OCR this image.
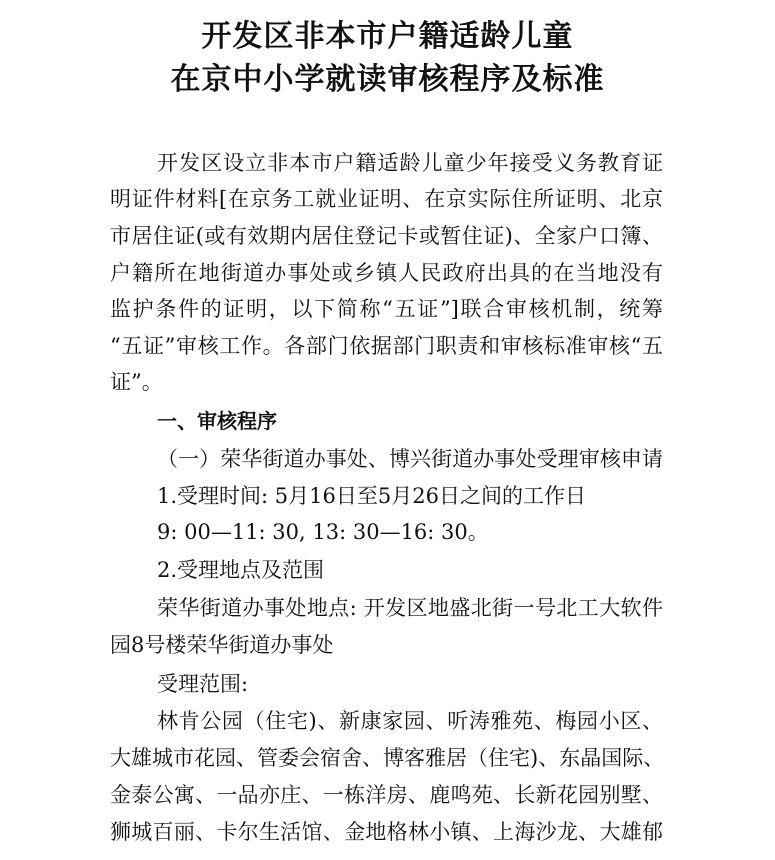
开发区非本市户籍适龄儿童
在京中小学就读审核程序及标准

开发区设立非本市户籍适龄儿童少年接受义务教育证

明证件材料[在京务工就业证明、在京实际住所证明、北京

市居住证(或有效期内居住登记卡或暂住证)、全家户口簿、

户籍所在地街道办事处或乡镇人民政府出具的在当地没有

监护条件的证明，以下简称“五证”]联合审核机制，统筹

“五证”审核工作。各部门依据部门职责和审核标准审核“五

证”。

一、审核程序

（一）荣华街道办事处、博兴街道办事处受理审核申请

1.受理时间: 5月16日至5月26日之间的工作日

9: 00—11: 30, 13: 30—16: 30。

2.受理地点及范围

荣华街道办事处地点: 开发区地盛北街一号北工大软件

园8号楼荣华街道办事处

受理范围:

林肯公园（住宅)、新康家园、听涛雅苑、梅园小区、

大雄城市花园、管委会宿舍、博客雅居（住宅)、东晶国际、

金泰公寓、一品亦庄、一栋洋房、鹿鸣苑、长新花园别墅、

狮城百丽、卡尔生活馆、金地格林小镇、上海沙龙、大雄郁
